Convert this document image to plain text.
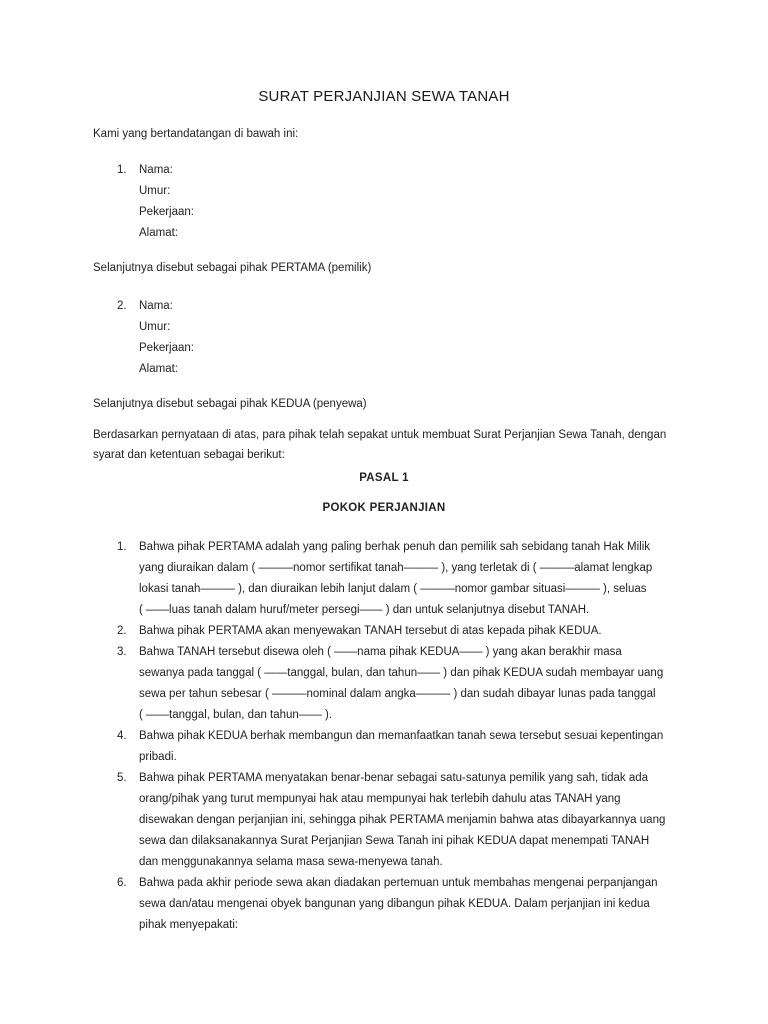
SURAT PERJANJIAN SEWA TANAH
Kami yang bertandatangan di bawah ini:
1. Nama:
Umur:
Pekerjaan:
Alamat:
Selanjutnya disebut sebagai pihak PERTAMA (pemilik)
2. Nama:
Umur:
Pekerjaan:
Alamat:
Selanjutnya disebut sebagai pihak KEDUA (penyewa)
Berdasarkan pernyataan di atas, para pihak telah sepakat untuk membuat Surat Perjanjian Sewa Tanah, dengan
syarat dan ketentuan sebagai berikut:
PASAL 1
POKOK PERJANJIAN
1. Bahwa pihak PERTAMA adalah yang paling berhak penuh dan pemilik sah sebidang tanah Hak Milik
yang diuraikan dalam ( ———nomor sertifikat tanah——— ), yang terletak di ( ———alamat lengkap
lokasi tanah——— ), dan diuraikan lebih lanjut dalam ( ———nomor gambar situasi——— ), seluas
( ——luas tanah dalam huruf/meter persegi—— ) dan untuk selanjutnya disebut TANAH.
2. Bahwa pihak PERTAMA akan menyewakan TANAH tersebut di atas kepada pihak KEDUA.
3. Bahwa TANAH tersebut disewa oleh ( ——nama pihak KEDUA—— ) yang akan berakhir masa
sewanya pada tanggal ( ——tanggal, bulan, dan tahun—— ) dan pihak KEDUA sudah membayar uang
sewa per tahun sebesar ( ———nominal dalam angka——— ) dan sudah dibayar lunas pada tanggal
( ——tanggal, bulan, dan tahun—— ).
4. Bahwa pihak KEDUA berhak membangun dan memanfaatkan tanah sewa tersebut sesuai kepentingan
pribadi.
5. Bahwa pihak PERTAMA menyatakan benar-benar sebagai satu-satunya pemilik yang sah, tidak ada
orang/pihak yang turut mempunyai hak atau mempunyai hak terlebih dahulu atas TANAH yang
disewakan dengan perjanjian ini, sehingga pihak PERTAMA menjamin bahwa atas dibayarkannya uang
sewa dan dilaksanakannya Surat Perjanjian Sewa Tanah ini pihak KEDUA dapat menempati TANAH
dan menggunakannya selama masa sewa-menyewa tanah.
6. Bahwa pada akhir periode sewa akan diadakan pertemuan untuk membahas mengenai perpanjangan
sewa dan/atau mengenai obyek bangunan yang dibangun pihak KEDUA. Dalam perjanjian ini kedua
pihak menyepakati:
